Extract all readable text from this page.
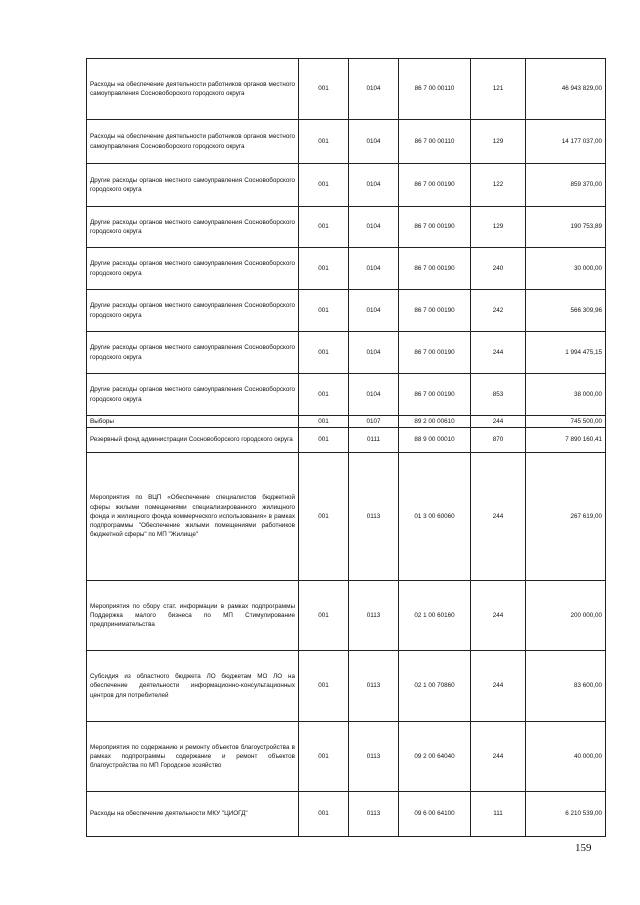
Расходы на обеспечение деятельности работников органов местного самоуправления Сосновоборского городского округа	001	0104	86 7 00 00110	121	46 943 829,00
Расходы на обеспечение деятельности работников органов местного самоуправления Сосновоборского городского округа	001	0104	86 7 00 00110	129	14 177 037,00
Другие расходы органов местного самоуправления Сосновоборского городского округа	001	0104	86 7 00 00190	122	859 370,00
Другие расходы органов местного самоуправления Сосновоборского городского округа	001	0104	86 7 00 00190	129	190 753,89
Другие расходы органов местного самоуправления Сосновоборского городского округа	001	0104	86 7 00 00190	240	30 000,00
Другие расходы органов местного самоуправления Сосновоборского городского округа	001	0104	86 7 00 00190	242	566 309,96
Другие расходы органов местного самоуправления Сосновоборского городского округа	001	0104	86 7 00 00190	244	1 994 475,15
Другие расходы органов местного самоуправления Сосновоборского городского округа	001	0104	86 7 00 00190	853	38 000,00
Выборы	001	0107	89 2 00 00610	244	745 500,00
Резервный фонд администрации Сосновоборского городского округа	001	0111	88 9 00 00010	870	7 890 160,41
Мероприятия по ВЦП «Обеспечение специалистов бюджетной сферы жилыми помещениями специализированного жилищного фонда и жилищного фонда коммерческого использования» в рамках подпрограммы "Обеспечение жилыми помещениями работников бюджетной сферы" по МП "Жилище"	001	0113	01 3 00 60060	244	267 619,00
Мероприятия по сбору стат. информации в рамках подпрограммы Поддержка малого бизнеса по МП Стимулирование предпринимательства	001	0113	02 1 00 60160	244	200 000,00
Субсидия из областного бюджета ЛО бюджетам МО ЛО на обеспечение деятельности информационно-консультационных центров для потребителей	001	0113	02 1 00 70860	244	83 600,00
Мероприятия по содержанию и ремонту объектов благоустройства в рамках подпрограммы содержание и ремонт объектов благоустройства по МП Городское хозяйство	001	0113	09 2 00 64040	244	40 000,00
Расходы на обеспечение деятельности МКУ "ЦИОГД"	001	0113	09 6 00 64100	111	6 210 539,00
159
